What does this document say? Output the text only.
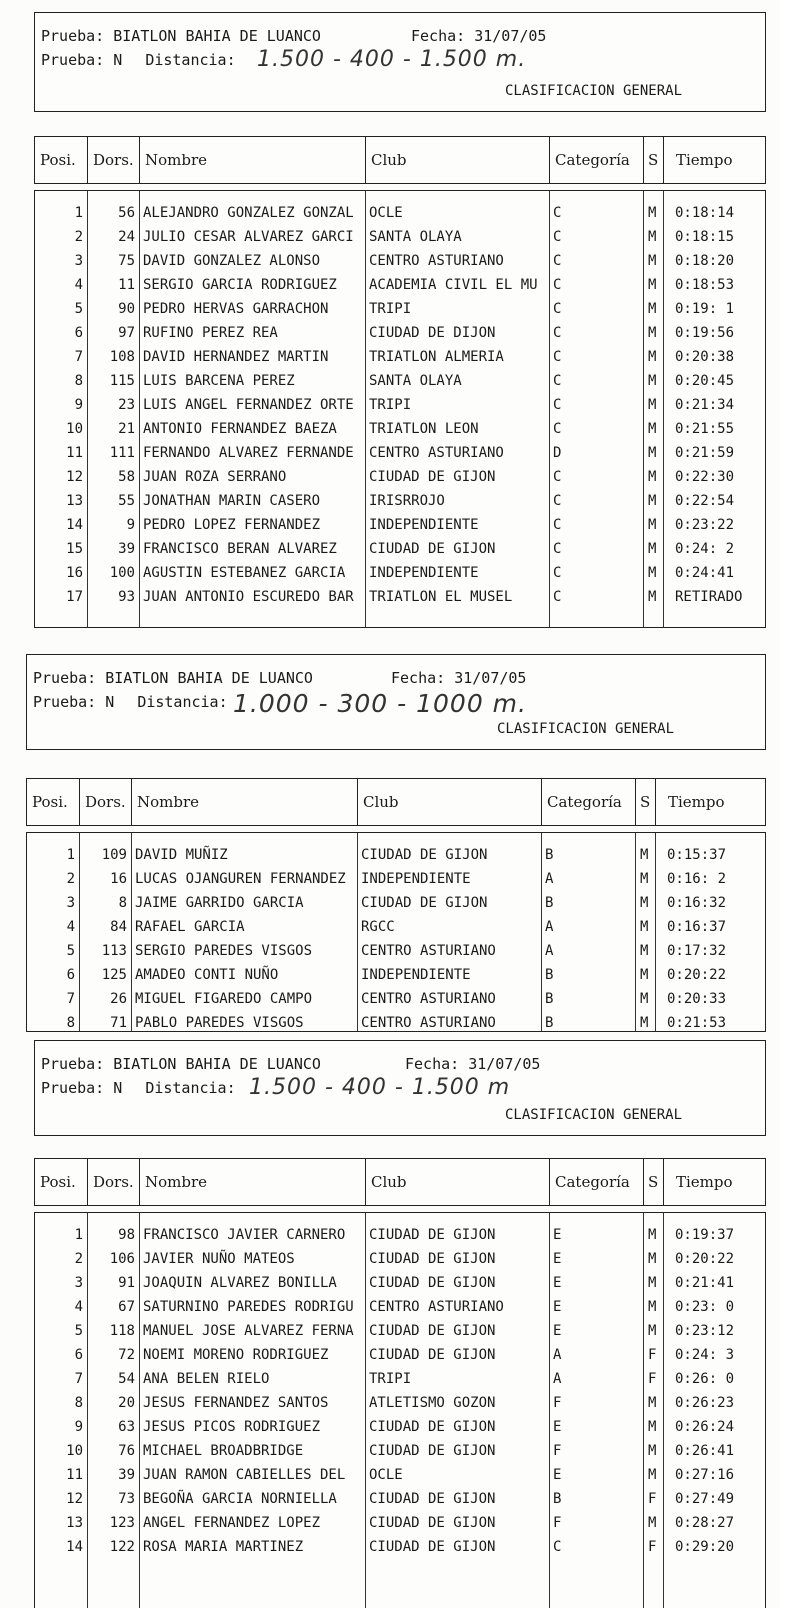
Prueba: BIATLON BAHIA DE LUANCO	Fecha: 31/07/05
Prueba: N Distancia: 1.500 - 400 - 1.500 m.
CLASIFICACION GENERAL
Posi.	Dors. Nombre	Club	Categoría	S	Tiempo
1	56 ALEJANDRO GONZALEZ GONZAL	OCLE	C	M	0:18:14
2	24 JULIO CESAR ALVAREZ GARCI	SANTA OLAYA	C	M	0:18:15
3	75 DAVID GONZALEZ ALONSO	CENTRO ASTURIANO	C	M	0:18:20
4	11 SERGIO GARCIA RODRIGUEZ	ACADEMIA CIVIL EL MU	C	M	0:18:53
5	90 PEDRO HERVAS GARRACHON	TRIPI	C	M	0:19: 1
6	97 RUFINO PEREZ REA	CIUDAD DE DIJON	C	M	0:19:56
7	108 DAVID HERNANDEZ MARTIN	TRIATLON ALMERIA	C	M	0:20:38
8	115 LUIS BARCENA PEREZ	SANTA OLAYA	C	M	0:20:45
9	23 LUIS ANGEL FERNANDEZ ORTE	TRIPI	C	M	0:21:34
10	21 ANTONIO FERNANDEZ BAEZA	TRIATLON LEON	C	M	0:21:55
11	111 FERNANDO ALVAREZ FERNANDE	CENTRO ASTURIANO	D	M	0:21:59
12	58 JUAN ROZA SERRANO	CIUDAD DE GIJON	C	M	0:22:30
13	55 JONATHAN MARIN CASERO	IRISRROJO	C	M	0:22:54
14	9 PEDRO LOPEZ FERNANDEZ	INDEPENDIENTE	C	M	0:23:22
15	39 FRANCISCO BERAN ALVAREZ	CIUDAD DE GIJON	C	M	0:24: 2
16	100 AGUSTIN ESTEBANEZ GARCIA	INDEPENDIENTE	C	M	0:24:41
17	93 JUAN ANTONIO ESCUREDO BAR	TRIATLON EL MUSEL	C	M	RETIRADO
Prueba: BIATLON BAHIA DE LUANCO	Fecha: 31/07/05
Prueba: N Distancia: 1.000 - 300 - 1000 m.
CLASIFICACION GENERAL
Posi.	Dors. Nombre	Club	Categoría	S	Tiempo
1	109 DAVID MUÑIZ	CIUDAD DE GIJON	B	M	0:15:37
2	16 LUCAS OJANGUREN FERNANDEZ	INDEPENDIENTE	A	M	0:16: 2
3	8 JAIME GARRIDO GARCIA	CIUDAD DE GIJON	B	M	0:16:32
4	84 RAFAEL GARCIA	RGCC	A	M	0:16:37
5	113 SERGIO PAREDES VISGOS	CENTRO ASTURIANO	A	M	0:17:32
6	125 AMADEO CONTI NUÑO	INDEPENDIENTE	B	M	0:20:22
7	26 MIGUEL FIGAREDO CAMPO	CENTRO ASTURIANO	B	M	0:20:33
8	71 PABLO PAREDES VISGOS	CENTRO ASTURIANO	B	M	0:21:53
Prueba: BIATLON BAHIA DE LUANCO	Fecha: 31/07/05
Prueba: N Distancia: 1.500 - 400 - 1.500 m
CLASIFICACION GENERAL
Posi.	Dors. Nombre	Club	Categoría	S	Tiempo
1	98 FRANCISCO JAVIER CARNERO	CIUDAD DE GIJON	E	M	0:19:37
2	106 JAVIER NUÑO MATEOS	CIUDAD DE GIJON	E	M	0:20:22
3	91 JOAQUIN ALVAREZ BONILLA	CIUDAD DE GIJON	E	M	0:21:41
4	67 SATURNINO PAREDES RODRIGU	CENTRO ASTURIANO	E	M	0:23: 0
5	118 MANUEL JOSE ALVAREZ FERNA	CIUDAD DE GIJON	E	M	0:23:12
6	72 NOEMI MORENO RODRIGUEZ	CIUDAD DE GIJON	A	F	0:24: 3
7	54 ANA BELEN RIELO	TRIPI	A	F	0:26: 0
8	20 JESUS FERNANDEZ SANTOS	ATLETISMO GOZON	F	M	0:26:23
9	63 JESUS PICOS RODRIGUEZ	CIUDAD DE GIJON	E	M	0:26:24
10	76 MICHAEL BROADBRIDGE	CIUDAD DE GIJON	F	M	0:26:41
11	39 JUAN RAMON CABIELLES DEL	OCLE	E	M	0:27:16
12	73 BEGOÑA GARCIA NORNIELLA	CIUDAD DE GIJON	B	F	0:27:49
13	123 ANGEL FERNANDEZ LOPEZ	CIUDAD DE GIJON	F	M	0:28:27
14	122 ROSA MARIA MARTINEZ	CIUDAD DE GIJON	C	F	0:29:20
